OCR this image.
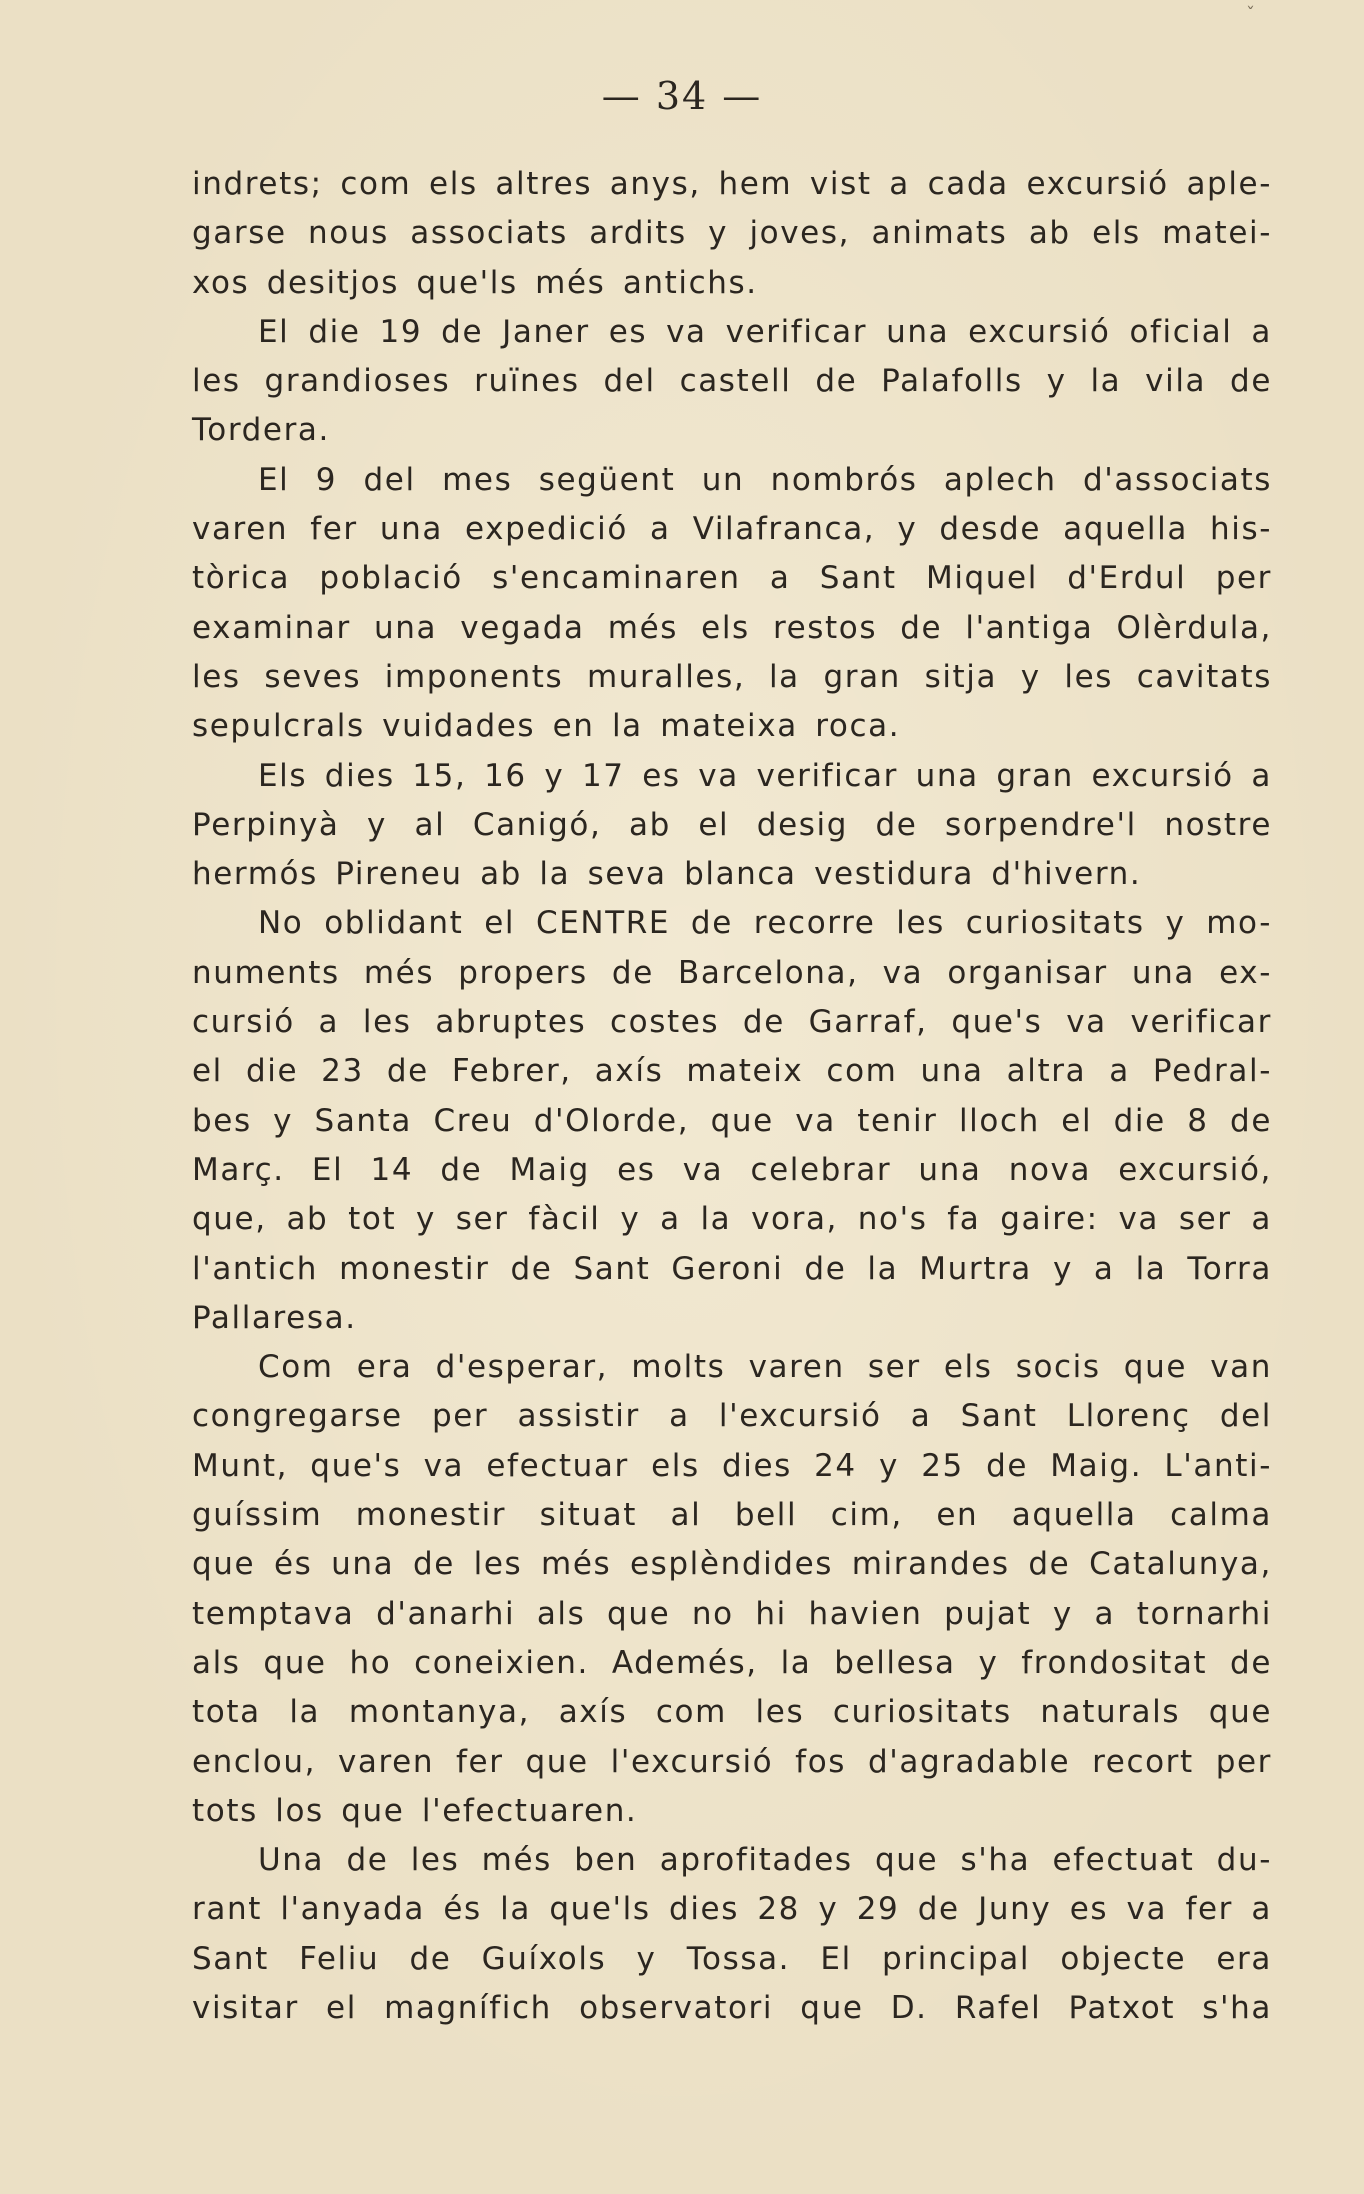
ˇ
— 34 —
indrets; com els altres anys, hem vist a cada excursió aple-
garse nous associats ardits y joves, animats ab els matei-
xos desitjos que'ls més antichs.
El die 19 de Janer es va verificar una excursió oficial a
les grandioses ruïnes del castell de Palafolls y la vila de
Tordera.
El 9 del mes següent un nombrós aplech d'associats
varen fer una expedició a Vilafranca, y desde aquella his-
tòrica població s'encaminaren a Sant Miquel d'Erdul per
examinar una vegada més els restos de l'antiga Olèrdula,
les seves imponents muralles, la gran sitja y les cavitats
sepulcrals vuidades en la mateixa roca.
Els dies 15, 16 y 17 es va verificar una gran excursió a
Perpinyà y al Canigó, ab el desig de sorpendre'l nostre
hermós Pireneu ab la seva blanca vestidura d'hivern.
No oblidant el CENTRE de recorre les curiositats y mo-
numents més propers de Barcelona, va organisar una ex-
cursió a les abruptes costes de Garraf, que's va verificar
el die 23 de Febrer, axís mateix com una altra a Pedral-
bes y Santa Creu d'Olorde, que va tenir lloch el die 8 de
Març. El 14 de Maig es va celebrar una nova excursió,
que, ab tot y ser fàcil y a la vora, no's fa gaire: va ser a
l'antich monestir de Sant Geroni de la Murtra y a la Torra
Pallaresa.
Com era d'esperar, molts varen ser els socis que van
congregarse per assistir a l'excursió a Sant Llorenç del
Munt, que's va efectuar els dies 24 y 25 de Maig. L'anti-
guíssim monestir situat al bell cim, en aquella calma
que és una de les més esplèndides mirandes de Catalunya,
temptava d'anarhi als que no hi havien pujat y a tornarhi
als que ho coneixien. Ademés, la bellesa y frondositat de
tota la montanya, axís com les curiositats naturals que
enclou, varen fer que l'excursió fos d'agradable recort per
tots los que l'efectuaren.
Una de les més ben aprofitades que s'ha efectuat du-
rant l'anyada és la que'ls dies 28 y 29 de Juny es va fer a
Sant Feliu de Guíxols y Tossa. El principal objecte era
visitar el magnífich observatori que D. Rafel Patxot s'ha
